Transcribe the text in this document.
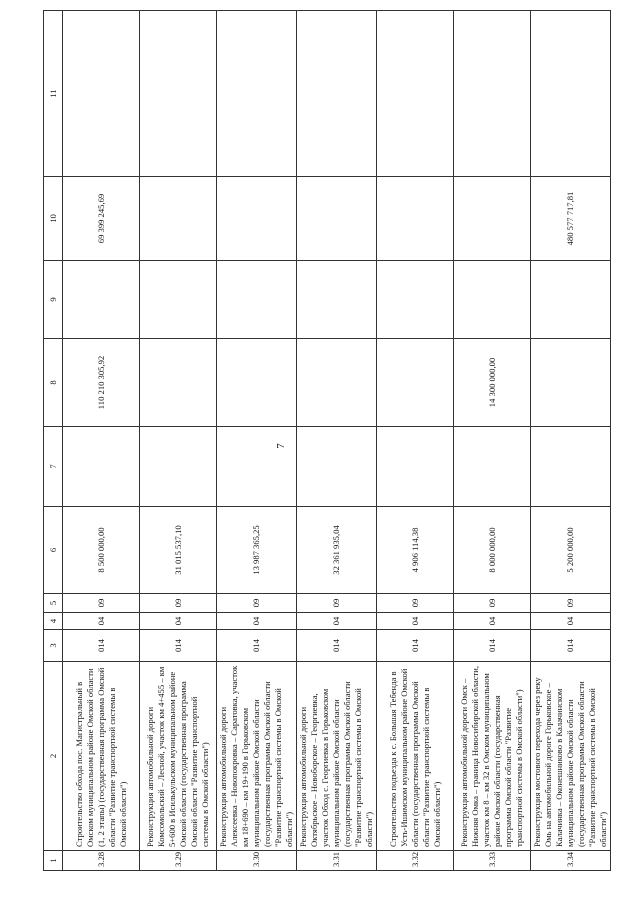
7
1	2	3	4	5	6	7	8	9	10	11
3.28	Строительство обхода пос. Магистральный в Омском муниципальном районе Омской области (1, 2 этапы) (государственная программа Омской области "Развитие транспортной системы в Омской области")	014	04	09	8 500 000,00		110 210 305,92		69 399 245,69	
3.29	Реконструкция автомобильной дороги Комсомольский – Лесной, участок км 4+455 – км 5+600 в Исилькульском муниципальном районе Омской области (государственная программа Омской области "Развитие транспортной системы в Омской области")	014	04	09	31 015 537,10					
3.30	Реконструкция автомобильной дороги Алексеевка – Новопокровка – Саратовка, участок км 18+690 – км 19+190 в Горьковском муниципальном районе Омской области (государственная программа Омской области "Развитие транспортной системы в Омской области")	014	04	09	13 987 365,25					
3.31	Реконструкция автомобильной дороги Октябрьское – Новоборское – Георгиевка, участок Обход с. Георгиевка в Горьковском муниципальном районе Омской области (государственная программа Омской области "Развитие транспортной системы в Омской области")	014	04	09	32 361 935,04					
3.32	Строительство подъезда к с. Большая Тебенда в Усть-Ишимском муниципальном районе Омской области (государственная программа Омской области "Развитие транспортной системы в Омской области")	014	04	09	4 906 114,38					
3.33	Реконструкция автомобильной дороги Омск – Нижняя Омка – граница Новосибирской области, участок км 8 – км 32 в Омском муниципальном районе Омской области (государственная программа Омской области "Развитие транспортной системы в Омской области")	014	04	09	8 000 000,00		14 300 000,00			
3.34	Реконструкция мостового перехода через реку Омь на автомобильной дороге Горьковское – Калачинка – Оконешниково в Калачинском муниципальном районе Омской области (государственная программа Омской области "Развитие транспортной системы в Омской области")	014	04	09	5 200 000,00				480 577 717,81	
